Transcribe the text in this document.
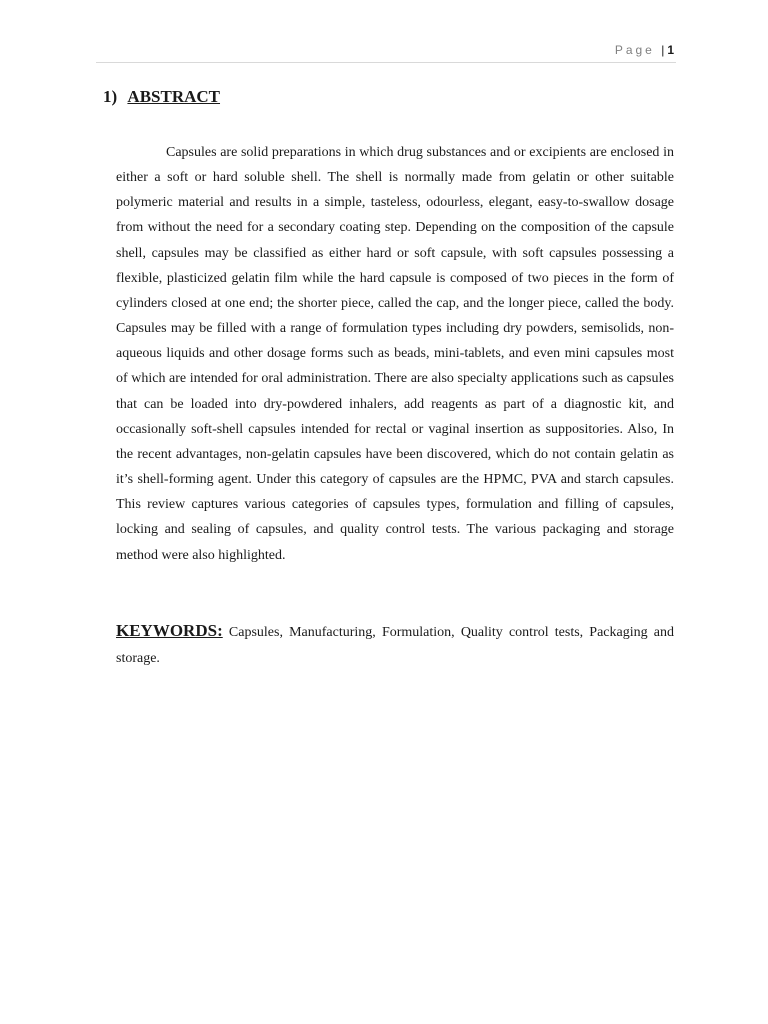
Page | 1
1) ABSTRACT

Capsules are solid preparations in which drug substances and or excipients are enclosed in either a soft or hard soluble shell. The shell is normally made from gelatin or other suitable polymeric material and results in a simple, tasteless, odourless, elegant, easy-to-swallow dosage from without the need for a secondary coating step. Depending on the composition of the capsule shell, capsules may be classified as either hard or soft capsule, with soft capsules possessing a flexible, plasticized gelatin film while the hard capsule is composed of two pieces in the form of cylinders closed at one end; the shorter piece, called the cap, and the longer piece, called the body. Capsules may be filled with a range of formulation types including dry powders, semisolids, non-aqueous liquids and other dosage forms such as beads, mini-tablets, and even mini capsules most of which are intended for oral administration. There are also specialty applications such as capsules that can be loaded into dry-powdered inhalers, add reagents as part of a diagnostic kit, and occasionally soft-shell capsules intended for rectal or vaginal insertion as suppositories. Also, In the recent advantages, non-gelatin capsules have been discovered, which do not contain gelatin as it’s shell-forming agent. Under this category of capsules are the HPMC, PVA and starch capsules. This review captures various categories of capsules types, formulation and filling of capsules, locking and sealing of capsules, and quality control tests. The various packaging and storage method were also highlighted.

KEYWORDS: Capsules, Manufacturing, Formulation, Quality control tests, Packaging and storage.
